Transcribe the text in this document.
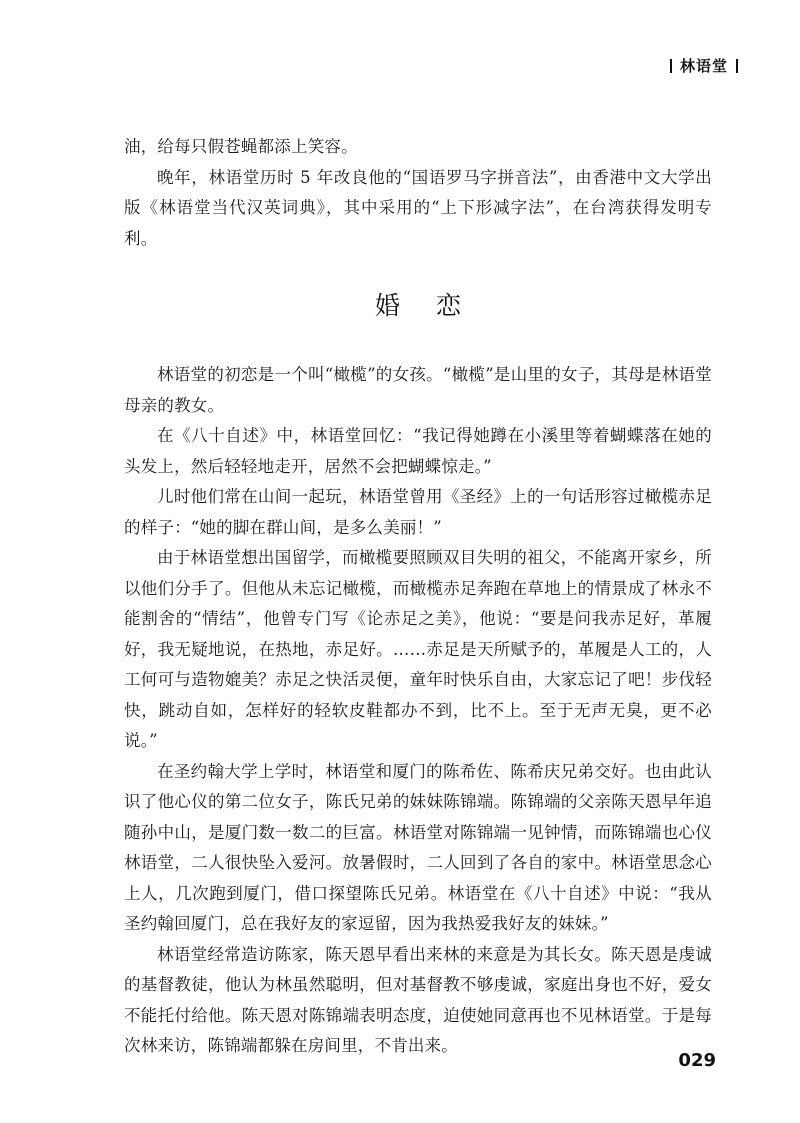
林语堂

油，给每只假苍蝇都添上笑容。

晚年，林语堂历时 5 年改良他的“国语罗马字拼音法”，由香港中文大学出版《林语堂当代汉英词典》，其中采用的“上下形减字法”，在台湾获得发明专利。

婚 恋

林语堂的初恋是一个叫“橄榄”的女孩。“橄榄”是山里的女子，其母是林语堂母亲的教女。

在《八十自述》中，林语堂回忆：“我记得她蹲在小溪里等着蝴蝶落在她的头发上，然后轻轻地走开，居然不会把蝴蝶惊走。”

儿时他们常在山间一起玩，林语堂曾用《圣经》上的一句话形容过橄榄赤足的样子：“她的脚在群山间，是多么美丽！”

由于林语堂想出国留学，而橄榄要照顾双目失明的祖父，不能离开家乡，所以他们分手了。但他从未忘记橄榄，而橄榄赤足奔跑在草地上的情景成了林永不能割舍的“情结”，他曾专门写《论赤足之美》，他说：“要是问我赤足好，革履好，我无疑地说，在热地，赤足好。……赤足是天所赋予的，革履是人工的，人工何可与造物媲美？赤足之快活灵便，童年时快乐自由，大家忘记了吧！步伐轻快，跳动自如，怎样好的轻软皮鞋都办不到，比不上。至于无声无臭，更不必说。”

在圣约翰大学上学时，林语堂和厦门的陈希佐、陈希庆兄弟交好。也由此认识了他心仪的第二位女子，陈氏兄弟的妹妹陈锦端。陈锦端的父亲陈天恩早年追随孙中山，是厦门数一数二的巨富。林语堂对陈锦端一见钟情，而陈锦端也心仪林语堂，二人很快坠入爱河。放暑假时，二人回到了各自的家中。林语堂思念心上人，几次跑到厦门，借口探望陈氏兄弟。林语堂在《八十自述》中说：“我从圣约翰回厦门，总在我好友的家逗留，因为我热爱我好友的妹妹。”

林语堂经常造访陈家，陈天恩早看出来林的来意是为其长女。陈天恩是虔诚的基督教徒，他认为林虽然聪明，但对基督教不够虔诚，家庭出身也不好，爱女不能托付给他。陈天恩对陈锦端表明态度，迫使她同意再也不见林语堂。于是每次林来访，陈锦端都躲在房间里，不肯出来。

029
